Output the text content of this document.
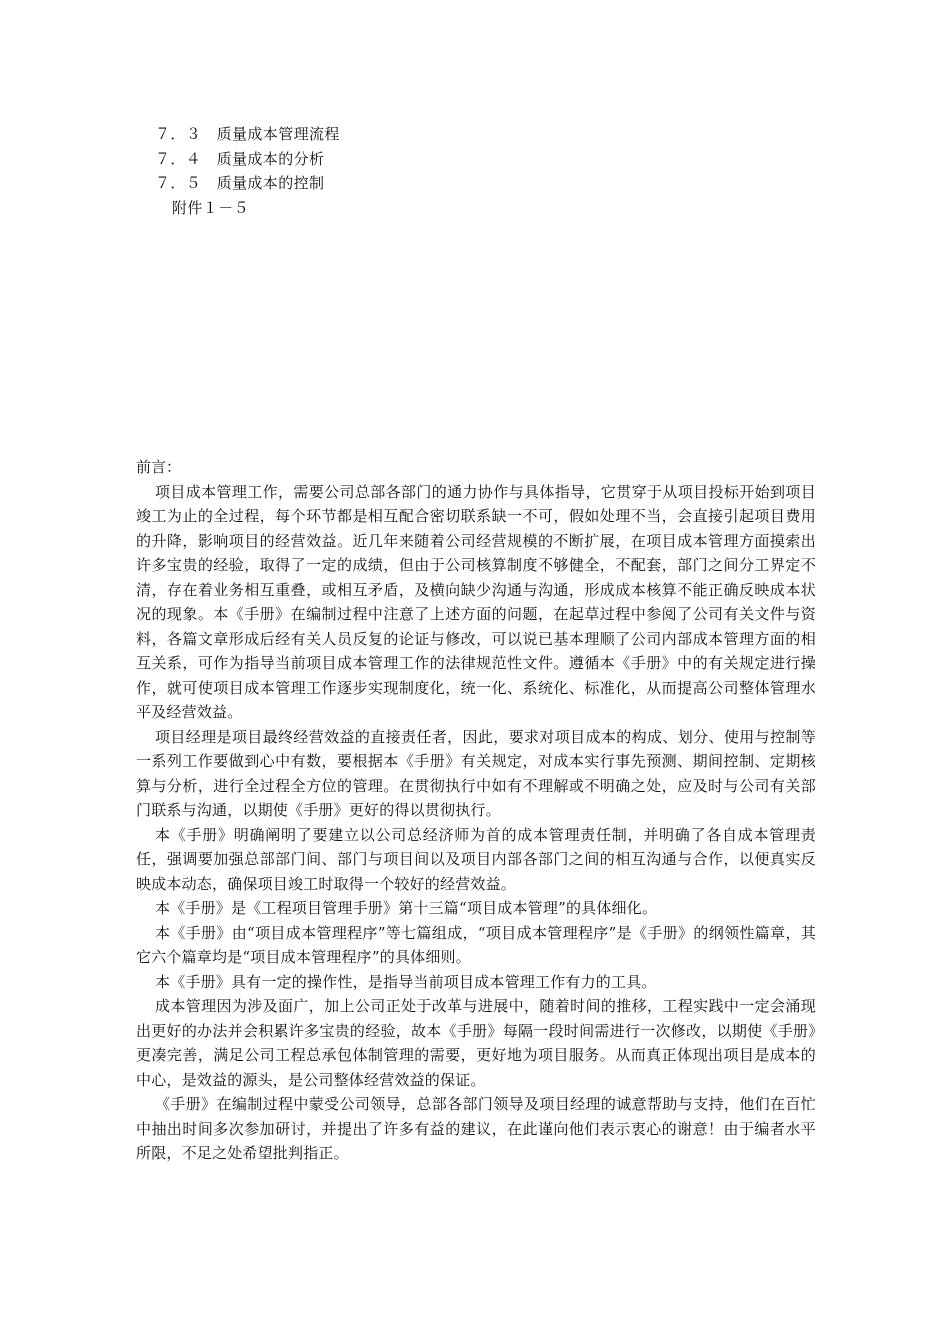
７．３　质量成本管理流程
７．４　质量成本的分析
７．５　质量成本的控制
附件１－５
前言：

项目成本管理工作，需要公司总部各部门的通力协作与具体指导，它贯穿于从项目投标开始到项目竣工为止的全过程，每个环节都是相互配合密切联系缺一不可，假如处理不当，会直接引起项目费用的升降，影响项目的经营效益。近几年来随着公司经营规模的不断扩展，在项目成本管理方面摸索出许多宝贵的经验，取得了一定的成绩，但由于公司核算制度不够健全，不配套，部门之间分工界定不清，存在着业务相互重叠，或相互矛盾，及横向缺少沟通与沟通，形成成本核算不能正确反映成本状况的现象。本《手册》在编制过程中注意了上述方面的问题，在起草过程中参阅了公司有关文件与资料，各篇文章形成后经有关人员反复的论证与修改，可以说已基本理顺了公司内部成本管理方面的相互关系，可作为指导当前项目成本管理工作的法律规范性文件。遵循本《手册》中的有关规定进行操作，就可使项目成本管理工作逐步实现制度化，统一化、系统化、标准化，从而提高公司整体管理水平及经营效益。

项目经理是项目最终经营效益的直接责任者，因此，要求对项目成本的构成、划分、使用与控制等一系列工作要做到心中有数，要根据本《手册》有关规定，对成本实行事先预测、期间控制、定期核算与分析，进行全过程全方位的管理。在贯彻执行中如有不理解或不明确之处，应及时与公司有关部门联系与沟通，以期使《手册》更好的得以贯彻执行。

本《手册》明确阐明了要建立以公司总经济师为首的成本管理责任制，并明确了各自成本管理责任，强调要加强总部部门间、部门与项目间以及项目内部各部门之间的相互沟通与合作，以便真实反映成本动态，确保项目竣工时取得一个较好的经营效益。

本《手册》是《工程项目管理手册》第十三篇“项目成本管理”的具体细化。

本《手册》由“项目成本管理程序”等七篇组成，“项目成本管理程序”是《手册》的纲领性篇章，其它六个篇章均是“项目成本管理程序”的具体细则。

本《手册》具有一定的操作性，是指导当前项目成本管理工作有力的工具。

成本管理因为涉及面广，加上公司正处于改革与进展中，随着时间的推移，工程实践中一定会涌现出更好的办法并会积累许多宝贵的经验，故本《手册》每隔一段时间需进行一次修改，以期使《手册》更凑完善，满足公司工程总承包体制管理的需要，更好地为项目服务。从而真正体现出项目是成本的中心，是效益的源头，是公司整体经营效益的保证。

《手册》在编制过程中蒙受公司领导，总部各部门领导及项目经理的诚意帮助与支持，他们在百忙中抽出时间多次参加研讨，并提出了许多有益的建议，在此谨向他们表示衷心的谢意！由于编者水平所限，不足之处希望批判指正。
